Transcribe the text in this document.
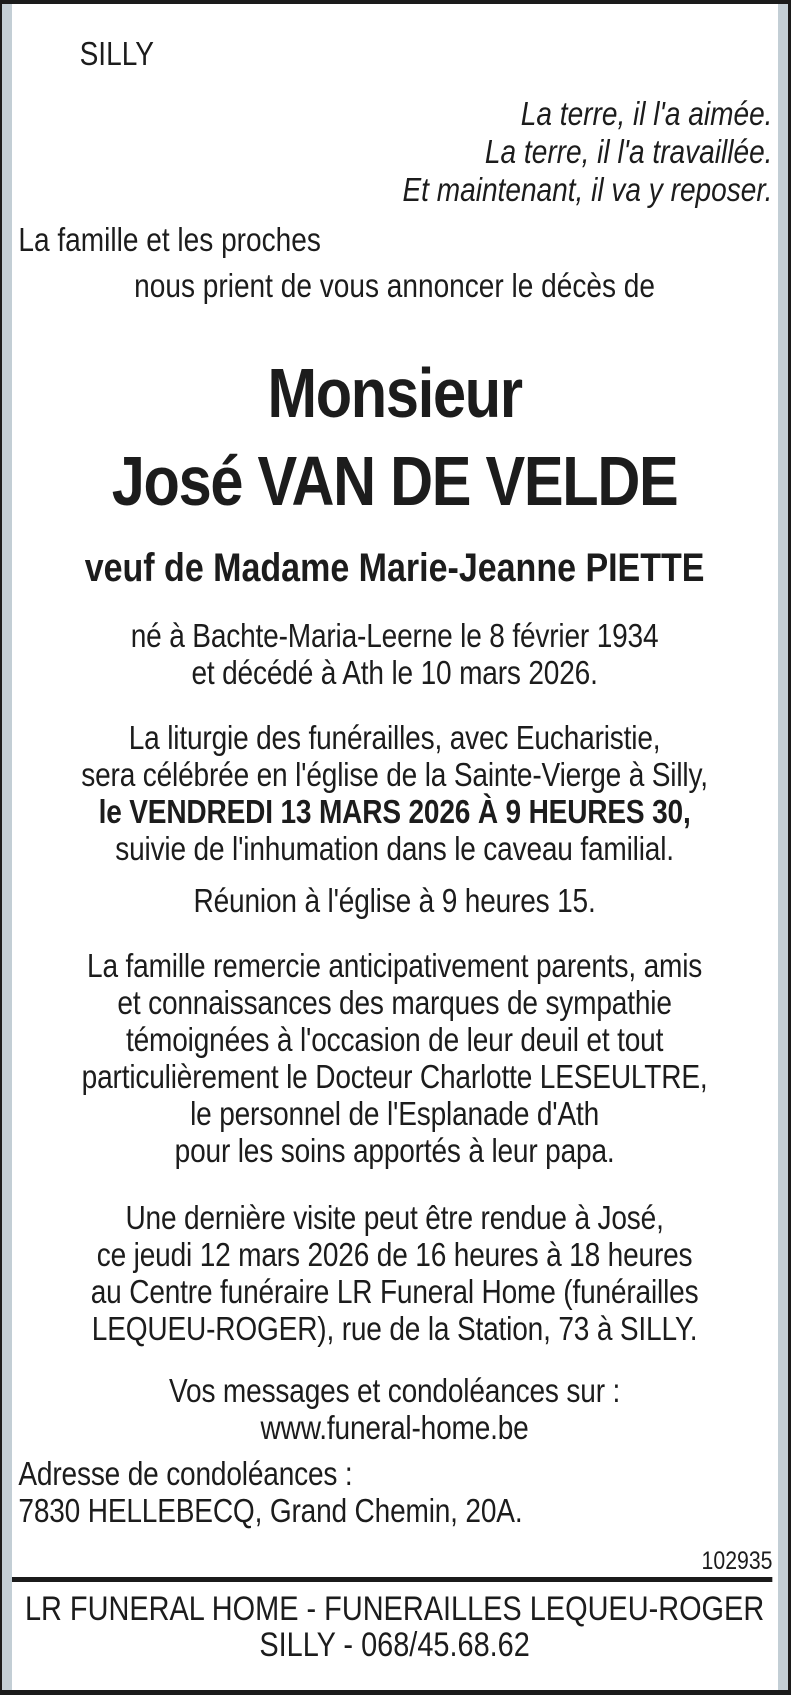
SILLY
La terre, il l'a aimée.
La terre, il l'a travaillée.
Et maintenant, il va y reposer.
La famille et les proches
nous prient de vous annoncer le décès de
Monsieur
José VAN DE VELDE
veuf de Madame Marie-Jeanne PIETTE
né à Bachte-Maria-Leerne le 8 février 1934
et décédé à Ath le 10 mars 2026.
La liturgie des funérailles, avec Eucharistie,
sera célébrée en l'église de la Sainte-Vierge à Silly,
le VENDREDI 13 MARS 2026 À 9 HEURES 30,
suivie de l'inhumation dans le caveau familial.
Réunion à l'église à 9 heures 15.
La famille remercie anticipativement parents, amis
et connaissances des marques de sympathie
témoignées à l'occasion de leur deuil et tout
particulièrement le Docteur Charlotte LESEULTRE,
le personnel de l'Esplanade d'Ath
pour les soins apportés à leur papa.
Une dernière visite peut être rendue à José,
ce jeudi 12 mars 2026 de 16 heures à 18 heures
au Centre funéraire LR Funeral Home (funérailles
LEQUEU-ROGER), rue de la Station, 73 à SILLY.
Vos messages et condoléances sur :
www.funeral-home.be
Adresse de condoléances :
7830 HELLEBECQ, Grand Chemin, 20A.
102935
LR FUNERAL HOME - FUNERAILLES LEQUEU-ROGER
SILLY - 068/45.68.62
